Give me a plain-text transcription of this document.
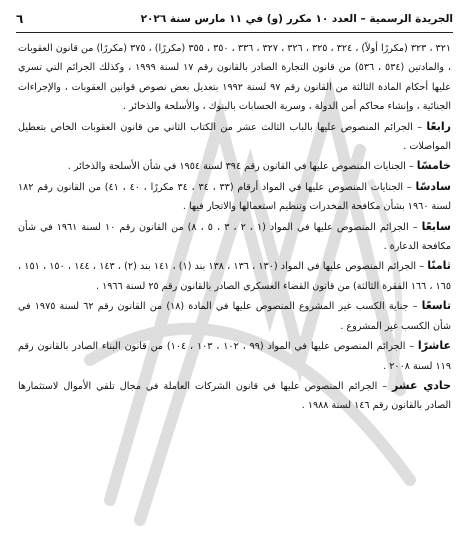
الجريدة الرسمية – العدد ١٠ مكرر (و) في ١١ مارس سنة ٢٠٢٦
٦

٣٢١ ، ٣٢٣ (مكررًا أولاً) ، ٣٢٤ ، ٣٢٥ ، ٣٢٦ ، ٣٢٧ ، ٣٣٦ ، ٣٥٠ ، ٣٥٥ (مكررًا) ، ٣٧٥ (مكررًا) من قانون العقوبات ، والمادتين (٥٣٤ ، ٥٣٦) من قانون التجارة الصادر بالقانون رقم ١٧ لسنة ١٩٩٩ ، وكذلك الجرائم التي تسري عليها أحكام المادة الثالثة من القانون رقم ٩٧ لسنة ١٩٩٢ بتعديل بعض نصوص قوانين العقوبات ، والإجراءات الجنائية ، وإنشاء محاكم أمن الدولة ، وسرية الحسابات بالبنوك ، والأسلحة والذخائر .

رابعًا – الجرائم المنصوص عليها بالباب الثالث عشر من الكتاب الثاني من قانون العقوبات الخاص بتعطيل المواصلات .

خامسًا – الجنايات المنصوص عليها في القانون رقم ٣٩٤ لسنة ١٩٥٤ في شأن الأسلحة والذخائر .

سادسًا – الجنايات المنصوص عليها في المواد أرقام (٣٣ ، ٣٤ ، ٣٤ مكررًا ، ٤٠ ، ٤١) من القانون رقم ١٨٢ لسنة ١٩٦٠ بشأن مكافحة المخدرات وتنظيم استعمالها والاتجار فيها .

سابعًا – الجرائم المنصوص عليها في المواد (١ ، ٢ ، ٣ ، ٥ ، ٨) من القانون رقم ١٠ لسنة ١٩٦١ في شأن مكافحة الدعارة .

ثامنًا – الجرائم المنصوص عليها في المواد (١٣٠ ، ١٣٦ ، ١٣٨ بند (١) ، ١٤١ بند (٢) ، ١٤٣ ، ١٤٤ ، ١٥٠ ، ١٥١ ، ١٦٥ ، ١٦٦ الفقرة الثالثة) من قانون القضاء العسكري الصادر بالقانون رقم ٢٥ لسنة ١٩٦٦ .

تاسعًا – جناية الكسب غير المشروع المنصوص عليها في المادة (١٨) من القانون رقم ٦٢ لسنة ١٩٧٥ في شأن الكسب غير المشروع .

عاشرًا – الجرائم المنصوص عليها في المواد (٩٩ ، ١٠٢ ، ١٠٣ ، ١٠٤) من قانون البناء الصادر بالقانون رقم ١١٩ لسنة ٢٠٠٨ .

حادي عشر – الجرائم المنصوص عليها في قانون الشركات العاملة في مجال تلقي الأموال لاستثمارها الصادر بالقانون رقم ١٤٦ لسنة ١٩٨٨ .
